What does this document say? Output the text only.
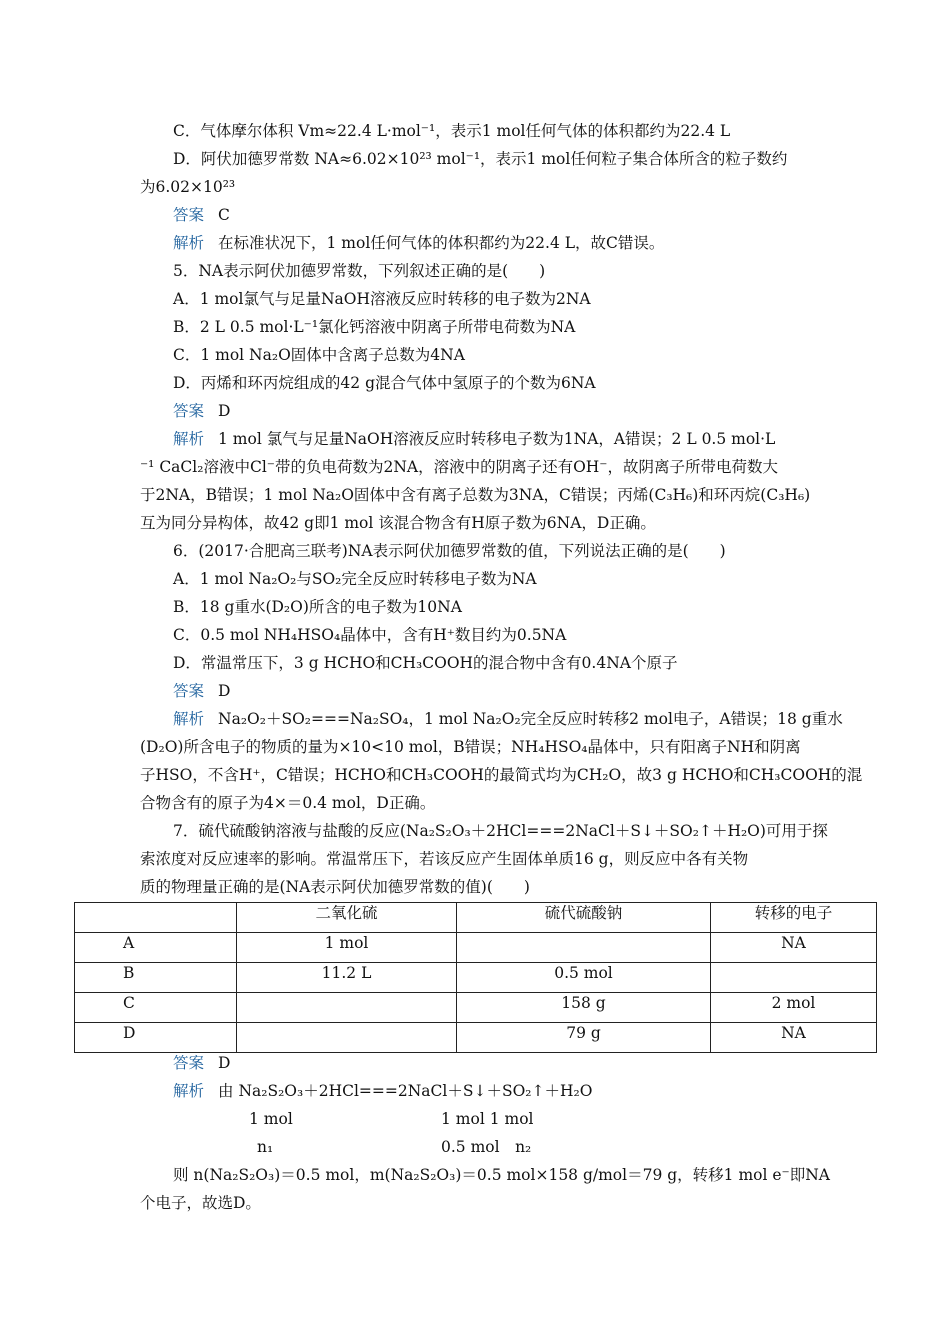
C．气体摩尔体积 Vm≈22.4 L·mol⁻¹，表示1 mol任何气体的体积都约为22.4 L
D．阿伏加德罗常数 NA≈6.02×10²³ mol⁻¹，表示1 mol任何粒子集合体所含的粒子数约
为6.02×10²³
答案 C
解析 在标准状况下，1 mol任何气体的体积都约为22.4 L，故C错误。
5．NA表示阿伏加德罗常数，下列叙述正确的是(　　)
A．1 mol氯气与足量NaOH溶液反应时转移的电子数为2NA
B．2 L 0.5 mol·L⁻¹氯化钙溶液中阴离子所带电荷数为NA
C．1 mol Na₂O固体中含离子总数为4NA
D．丙烯和环丙烷组成的42 g混合气体中氢原子的个数为6NA
答案 D
解析 1 mol 氯气与足量NaOH溶液反应时转移电子数为1NA，A错误；2 L 0.5 mol·L
⁻¹ CaCl₂溶液中Cl⁻带的负电荷数为2NA，溶液中的阴离子还有OH⁻，故阴离子所带电荷数大
于2NA，B错误；1 mol Na₂O固体中含有离子总数为3NA，C错误；丙烯(C₃H₆)和环丙烷(C₃H₆)
互为同分异构体，故42 g即1 mol 该混合物含有H原子数为6NA，D正确。
6．(2017·合肥高三联考)NA表示阿伏加德罗常数的值，下列说法正确的是(　　)
A．1 mol Na₂O₂与SO₂完全反应时转移电子数为NA
B．18 g重水(D₂O)所含的电子数为10NA
C．0.5 mol NH₄HSO₄晶体中，含有H⁺数目约为0.5NA
D．常温常压下，3 g HCHO和CH₃COOH的混合物中含有0.4NA个原子
答案 D
解析 Na₂O₂＋SO₂===Na₂SO₄，1 mol Na₂O₂完全反应时转移2 mol电子，A错误；18 g重水
(D₂O)所含电子的物质的量为×10<10 mol，B错误；NH₄HSO₄晶体中，只有阳离子NH和阴离
子HSO，不含H⁺，C错误；HCHO和CH₃COOH的最简式均为CH₂O，故3 g HCHO和CH₃COOH的混
合物含有的原子为4×＝0.4 mol，D正确。
7．硫代硫酸钠溶液与盐酸的反应(Na₂S₂O₃＋2HCl===2NaCl＋S↓＋SO₂↑＋H₂O)可用于探
索浓度对反应速率的影响。常温常压下，若该反应产生固体单质16 g，则反应中各有关物
质的物理量正确的是(NA表示阿伏加德罗常数的值)(　　)
	二氧化硫	硫代硫酸钠	转移的电子
A	1 mol		NA
B	11.2 L	0.5 mol	
C		158 g	2 mol
D		79 g	NA
答案 D
解析 由 Na₂S₂O₃＋2HCl===2NaCl＋S↓＋SO₂↑＋H₂O
1 mol	1 mol 1 mol
n₁	0.5 mol　n₂
则 n(Na₂S₂O₃)＝0.5 mol，m(Na₂S₂O₃)＝0.5 mol×158 g/mol＝79 g，转移1 mol e⁻即NA
个电子，故选D。
